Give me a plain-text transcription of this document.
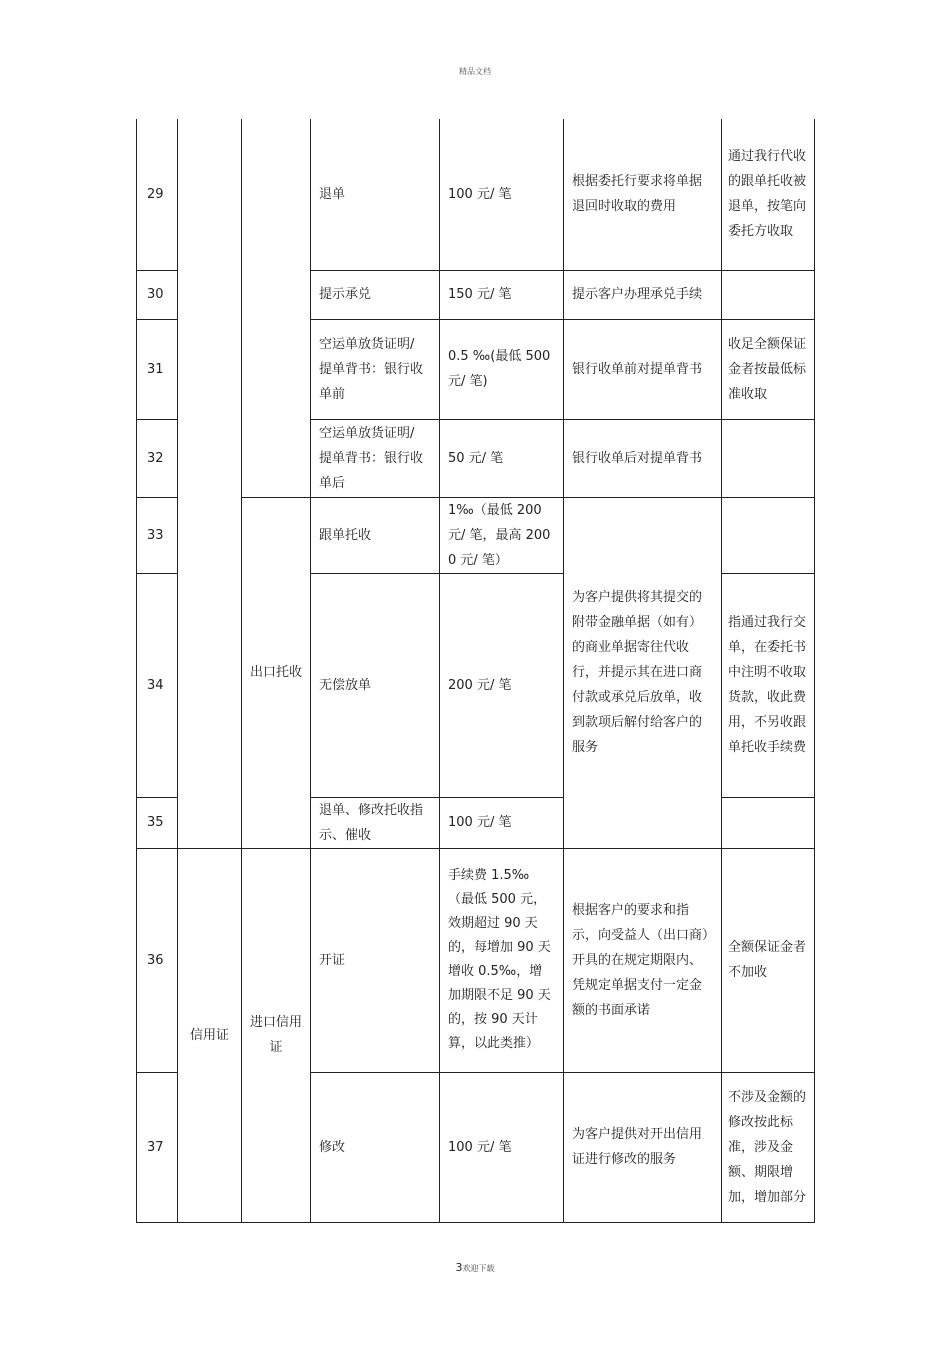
精品文档
29			退单	100 元/ 笔	根据委托行要求将单据退回时收取的费用	通过我行代收的跟单托收被退单，按笔向委托方收取
30			提示承兑	150 元/ 笔	提示客户办理承兑手续	
31			空运单放货证明/ 提单背书：银行收单前	0.5 ‰(最低 500 元/ 笔)	银行收单前对提单背书	收足全额保证金者按最低标准收取
32			空运单放货证明/ 提单背书：银行收单后	50 元/ 笔	银行收单后对提单背书	
33		出口托收	跟单托收	1‰（最低 200 元/ 笔，最高 2000 元/ 笔）	为客户提供将其提交的附带金融单据（如有）的商业单据寄往代收行，并提示其在进口商付款或承兑后放单，收到款项后解付给客户的服务	
34			无偿放单	200 元/ 笔		指通过我行交单，在委托书中注明不收取货款，收此费用，不另收跟单托收手续费
35			退单、修改托收指示、催收	100 元/ 笔		
36	信用证	进口信用证	开证	手续费 1.5‰（最低 500 元，效期超过 90 天的，每增加 90 天增收 0.5‰，增加期限不足 90 天的，按 90 天计算，以此类推）	根据客户的要求和指示，向受益人（出口商）开具的在规定期限内、凭规定单据支付一定金额的书面承诺	全额保证金者不加收
37			修改	100 元/ 笔	为客户提供对开出信用证进行修改的服务	不涉及金额的修改按此标准，涉及金额、期限增加，增加部分
3欢迎下载
